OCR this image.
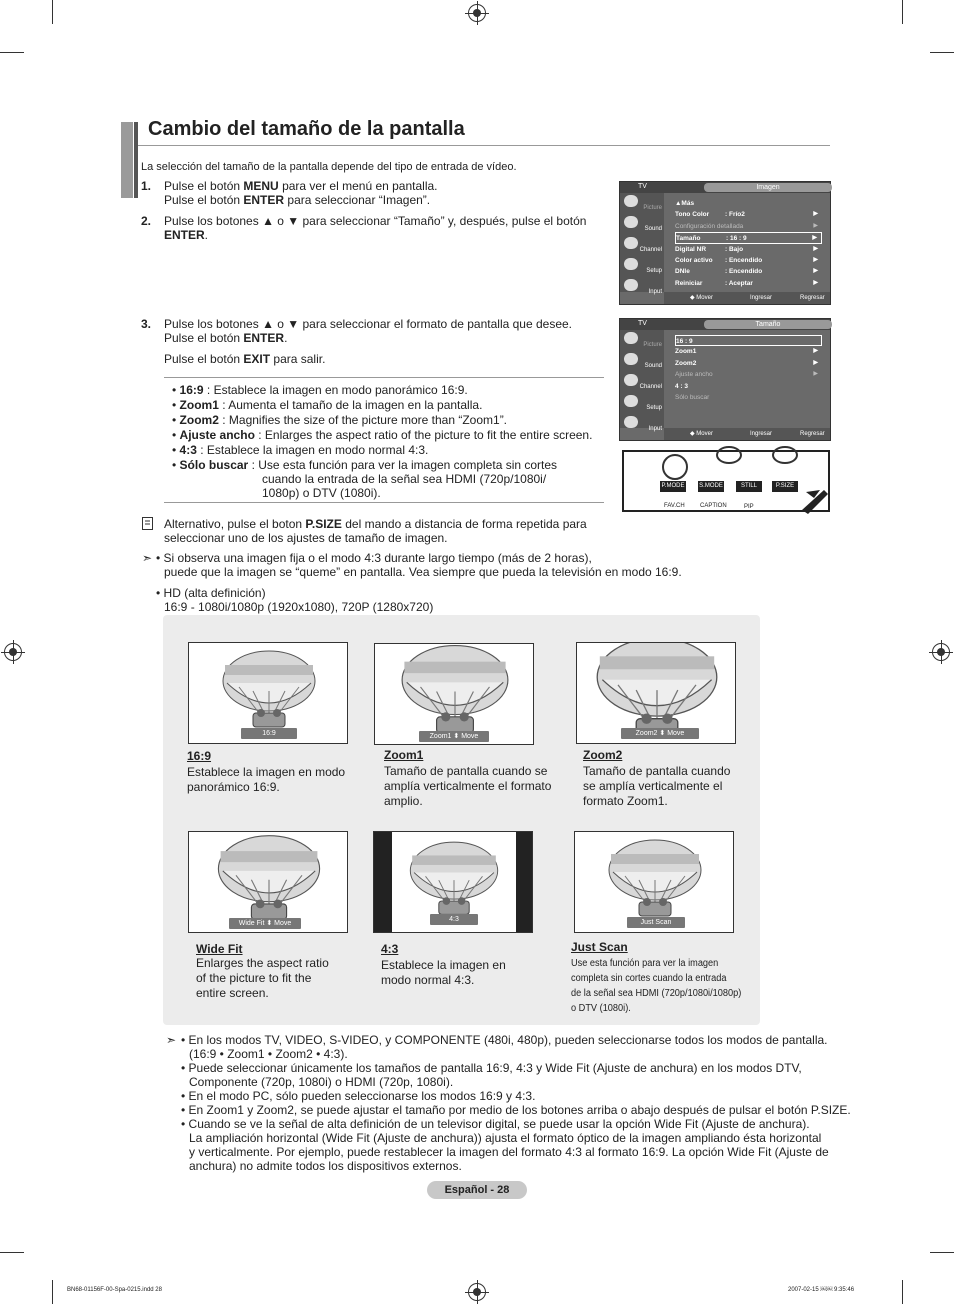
Cambio del tamaño de la pantalla
La selección del tamaño de la pantalla depende del tipo de entrada de vídeo.
1. Pulse el botón MENU para ver el menú en pantalla.
Pulse el botón ENTER para seleccionar “Imagen”.
2. Pulse los botones ▲ o ▼ para seleccionar “Tamaño” y, después, pulse el botón
ENTER.
3. Pulse los botones ▲ o ▼ para seleccionar el formato de pantalla que desee.
Pulse el botón ENTER.
Pulse el botón EXIT para salir.
TV	Imagen
Picture
Sound
Channel
Setup
Input
▲Más
Tono Color : Frío2	▶
Configuración detallada	▶
Tamaño	: 16 : 9	▶
Digital NR	: Bajo	▶
Color activo : Encendido	▶
DNIe	: Encendido	▶
Reiniciar	: Aceptar	▶
◆ Mover	Ingresar	Regresar
TV	Tamaño
Picture
Sound
Channel
Setup
Input
16 : 9
Zoom1	▶
Zoom2	▶
Ajuste ancho	▶
4 : 3
Sólo buscar
◆ Mover	Ingresar	Regresar
P.MODE S.MODE	STILL	P.SIZE
FAV.CH	CAPTION	PIP
• 16:9 : Establece la imagen en modo panorámico 16:9.
• Zoom1 : Aumenta el tamaño de la imagen en la pantalla.
• Zoom2 : Magnifies the size of the picture more than “Zoom1”.
• Ajuste ancho : Enlarges the aspect ratio of the picture to fit the entire screen.
• 4:3 : Establece la imagen en modo normal 4:3.
• Sólo buscar : Use esta función para ver la imagen completa sin cortes
cuando la entrada de la señal sea HDMI (720p/1080i/
1080p) o DTV (1080i).
Alternativo, pulse el boton P.SIZE del mando a distancia de forma repetida para
seleccionar uno de los ajustes de tamaño de imagen.
➣ • Si observa una imagen fija o el modo 4:3 durante largo tiempo (más de 2 horas),
puede que la imagen se “queme” en pantalla. Vea siempre que pueda la televisión en modo 16:9.
• HD (alta definición)
16:9 - 1080i/1080p (1920x1080), 720P (1280x720)
16:9	Zoom1 ⬍ Move	Zoom2 ⬍ Move
Wide Fit ⬍ Move
4:3	Just Scan
16:9
Establece la imagen en modo
panorámico 16:9.
Zoom1
Tamaño de pantalla cuando se
amplía verticalmente el formato
amplio.
Zoom2
Tamaño de pantalla cuando
se amplía verticalmente el
formato Zoom1.
Wide Fit
Enlarges the aspect ratio
of the picture to fit the
entire screen.
4:3
Establece la imagen en
modo normal 4:3.
Just Scan
Use esta función para ver la imagen
completa sin cortes cuando la entrada
de la señal sea HDMI (720p/1080i/1080p)
o DTV (1080i).
➣ • En los modos TV, VIDEO, S-VIDEO, y COMPONENTE (480i, 480p), pueden seleccionarse todos los modos de pantalla.
(16:9 • Zoom1 • Zoom2 • 4:3).
• Puede seleccionar únicamente los tamaños de pantalla 16:9, 4:3 y Wide Fit (Ajuste de anchura) en los modos DTV,
Componente (720p, 1080i) o HDMI (720p, 1080i).
• En el modo PC, sólo pueden seleccionarse los modos 16:9 y 4:3.
• En Zoom1 y Zoom2, se puede ajustar el tamaño por medio de los botones arriba o abajo después de pulsar el botón P.SIZE.
• Cuando se ve la señal de alta definición de un televisor digital, se puede usar la opción Wide Fit (Ajuste de anchura).
La ampliación horizontal (Wide Fit (Ajuste de anchura)) ajusta el formato óptico de la imagen ampliando ésta horizontal
y verticalmente. Por ejemplo, puede restablecer la imagen del formato 4:3 al formato 16:9. La opción Wide Fit (Ajuste de
anchura) no admite todos los dispositivos externos.
Español - 28
BN68-01156F-00-Spa-0215.indd 28	2007-02-15 ￼￼ 9:35:46
